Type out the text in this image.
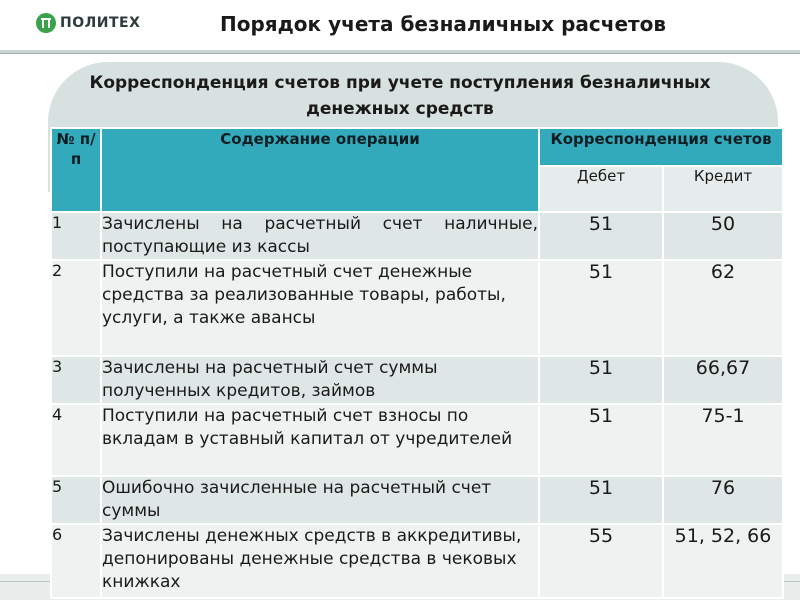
ПОЛИТЕХ	Порядок учета безналичных расчетов
Корреспонденция счетов при учете поступления безналичных денежных средств
№ п/п	Содержание операции	Корреспонденция счетов	
		Дебет	Кредит
1	Зачислены на расчетный счет наличные, поступающие из кассы	51	50
2	Поступили на расчетный счет денежные средства за реализованные товары, работы, услуги, а также авансы	51	62
3	Зачислены на расчетный счет суммы полученных кредитов, займов	51	66,67
4	Поступили на расчетный счет взносы по вкладам в уставный капитал от учредителей	51	75-1
5	Ошибочно зачисленные на расчетный счет суммы	51	76
6	Зачислены денежных средств в аккредитивы, депонированы денежные средства в чековых книжках	55	51, 52, 66
